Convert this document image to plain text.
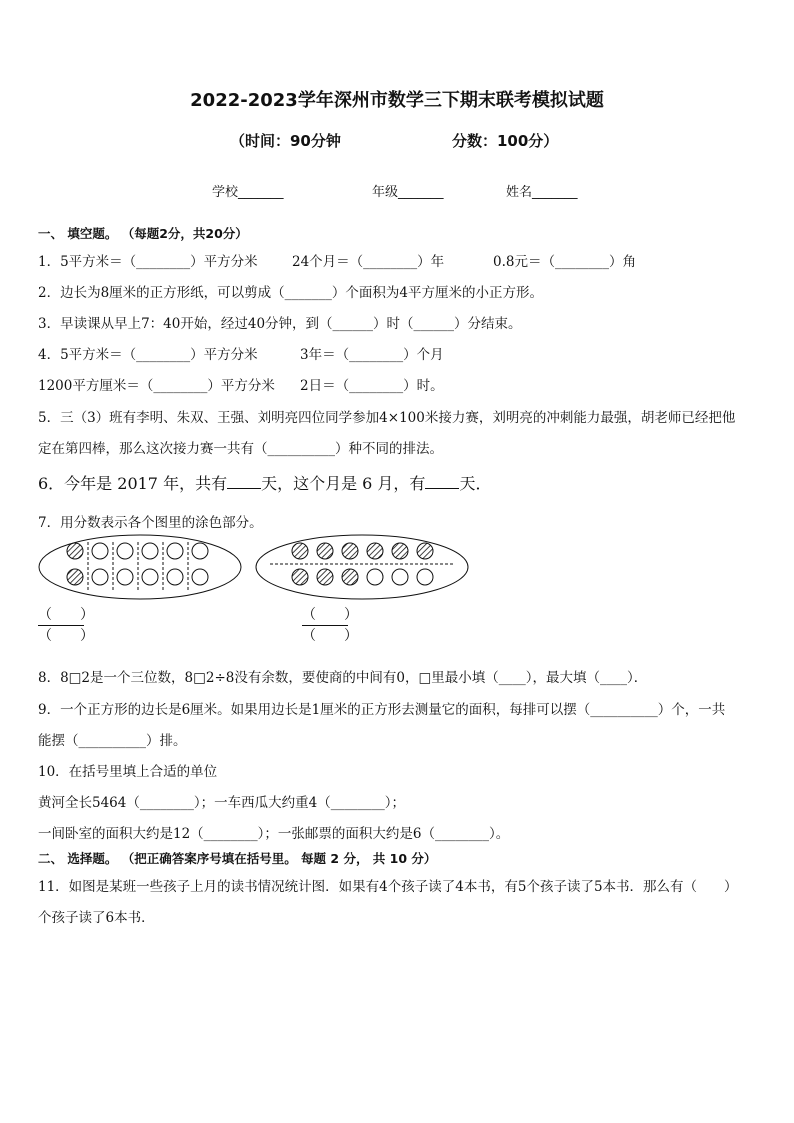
2022-2023学年深州市数学三下期末联考模拟试题
（时间：90分钟	分数：100分）
学校_______	年级_______	姓名_______
一、 填空题。 （每题2分，共20分）
1．5平方米＝（________）平方分米	24个月＝（________）年	0.8元＝（________）角
2．边长为8厘米的正方形纸，可以剪成（_______）个面积为4平方厘米的小正方形。
3．早读课从早上7：40开始，经过40分钟，到（______）时（______）分结束。
4．5平方米＝（________）平方分米	3年＝（________）个月
1200平方厘米＝（________）平方分米 2日＝（________）时。
5．三（3）班有李明、朱双、王强、刘明亮四位同学参加4×100米接力赛，刘明亮的冲刺能力最强，胡老师已经把他
定在第四棒，那么这次接力赛一共有（__________）种不同的排法。
6．今年是 2017 年，共有 天，这个月是 6 月，有 天．
7．用分数表示各个图里的涂色部分。
（　　）
（　　）
（　　）
（　　）
8．8□2是一个三位数，8□2÷8没有余数，要使商的中间有0，□里最小填（____），最大填（____）．
9．一个正方形的边长是6厘米。如果用边长是1厘米的正方形去测量它的面积，每排可以摆（__________）个，一共
能摆（__________）排。
10．在括号里填上合适的单位
黄河全长5464（________）；一车西瓜大约重4（________）；
一间卧室的面积大约是12（________）；一张邮票的面积大约是6（________）。
二、 选择题。 （把正确答案序号填在括号里。 每题 2 分， 共 10 分）
11．如图是某班一些孩子上月的读书情况统计图．如果有4个孩子读了4本书，有5个孩子读了5本书．那么有（　　）
个孩子读了6本书．
